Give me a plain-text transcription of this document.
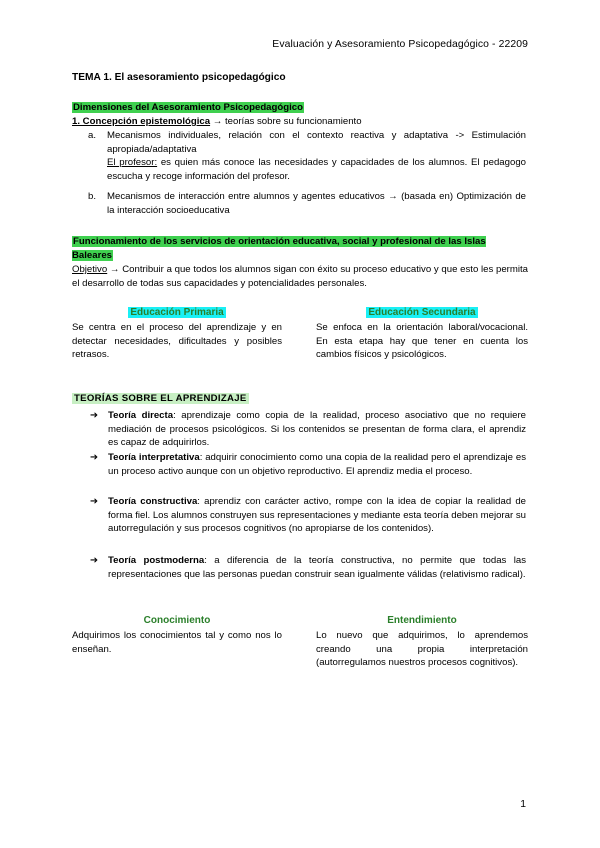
Evaluación y Asesoramiento Psicopedagógico - 22209
TEMA 1. El asesoramiento psicopedagógico
Dimensiones del Asesoramiento Psicopedagógico
1. Concepción epistemológica → teorías sobre su funcionamiento
a. Mecanismos individuales, relación con el contexto reactiva y adaptativa -> Estimulación apropiada/adaptativa
El profesor: es quien más conoce las necesidades y capacidades de los alumnos. El pedagogo escucha y recoge información del profesor.
b. Mecanismos de interacción entre alumnos y agentes educativos → (basada en) Optimización de la interacción socioeducativa
Funcionamiento de los servicios de orientación educativa, social y profesional de las Islas Baleares
Objetivo → Contribuir a que todos los alumnos sigan con éxito su proceso educativo y que esto les permita el desarrollo de todas sus capacidades y potencialidades personales.
Educación Primaria
Se centra en el proceso del aprendizaje y en detectar necesidades, dificultades y posibles retrasos.
Educación Secundaria
Se enfoca en la orientación laboral/vocacional. En esta etapa hay que tener en cuenta los cambios físicos y psicológicos.
TEORÍAS SOBRE EL APRENDIZAJE
➔ Teoría directa: aprendizaje como copia de la realidad, proceso asociativo que no requiere mediación de procesos psicológicos. Si los contenidos se presentan de forma clara, el aprendiz es capaz de adquirirlos.
➔ Teoría interpretativa: adquirir conocimiento como una copia de la realidad pero el aprendizaje es un proceso activo aunque con un objetivo reproductivo. El aprendiz media el proceso.
➔ Teoría constructiva: aprendiz con carácter activo, rompe con la idea de copiar la realidad de forma fiel. Los alumnos construyen sus representaciones y mediante esta teoría deben mejorar su autorregulación y sus procesos cognitivos (no apropiarse de los contenidos).
➔ Teoría postmoderna: a diferencia de la teoría constructiva, no permite que todas las representaciones que las personas puedan construir sean igualmente válidas (relativismo radical).
Conocimiento
Adquirimos los conocimientos tal y como nos lo enseñan.
Entendimiento
Lo nuevo que adquirimos, lo aprendemos creando una propia interpretación (autorregulamos nuestros procesos cognitivos).
1
